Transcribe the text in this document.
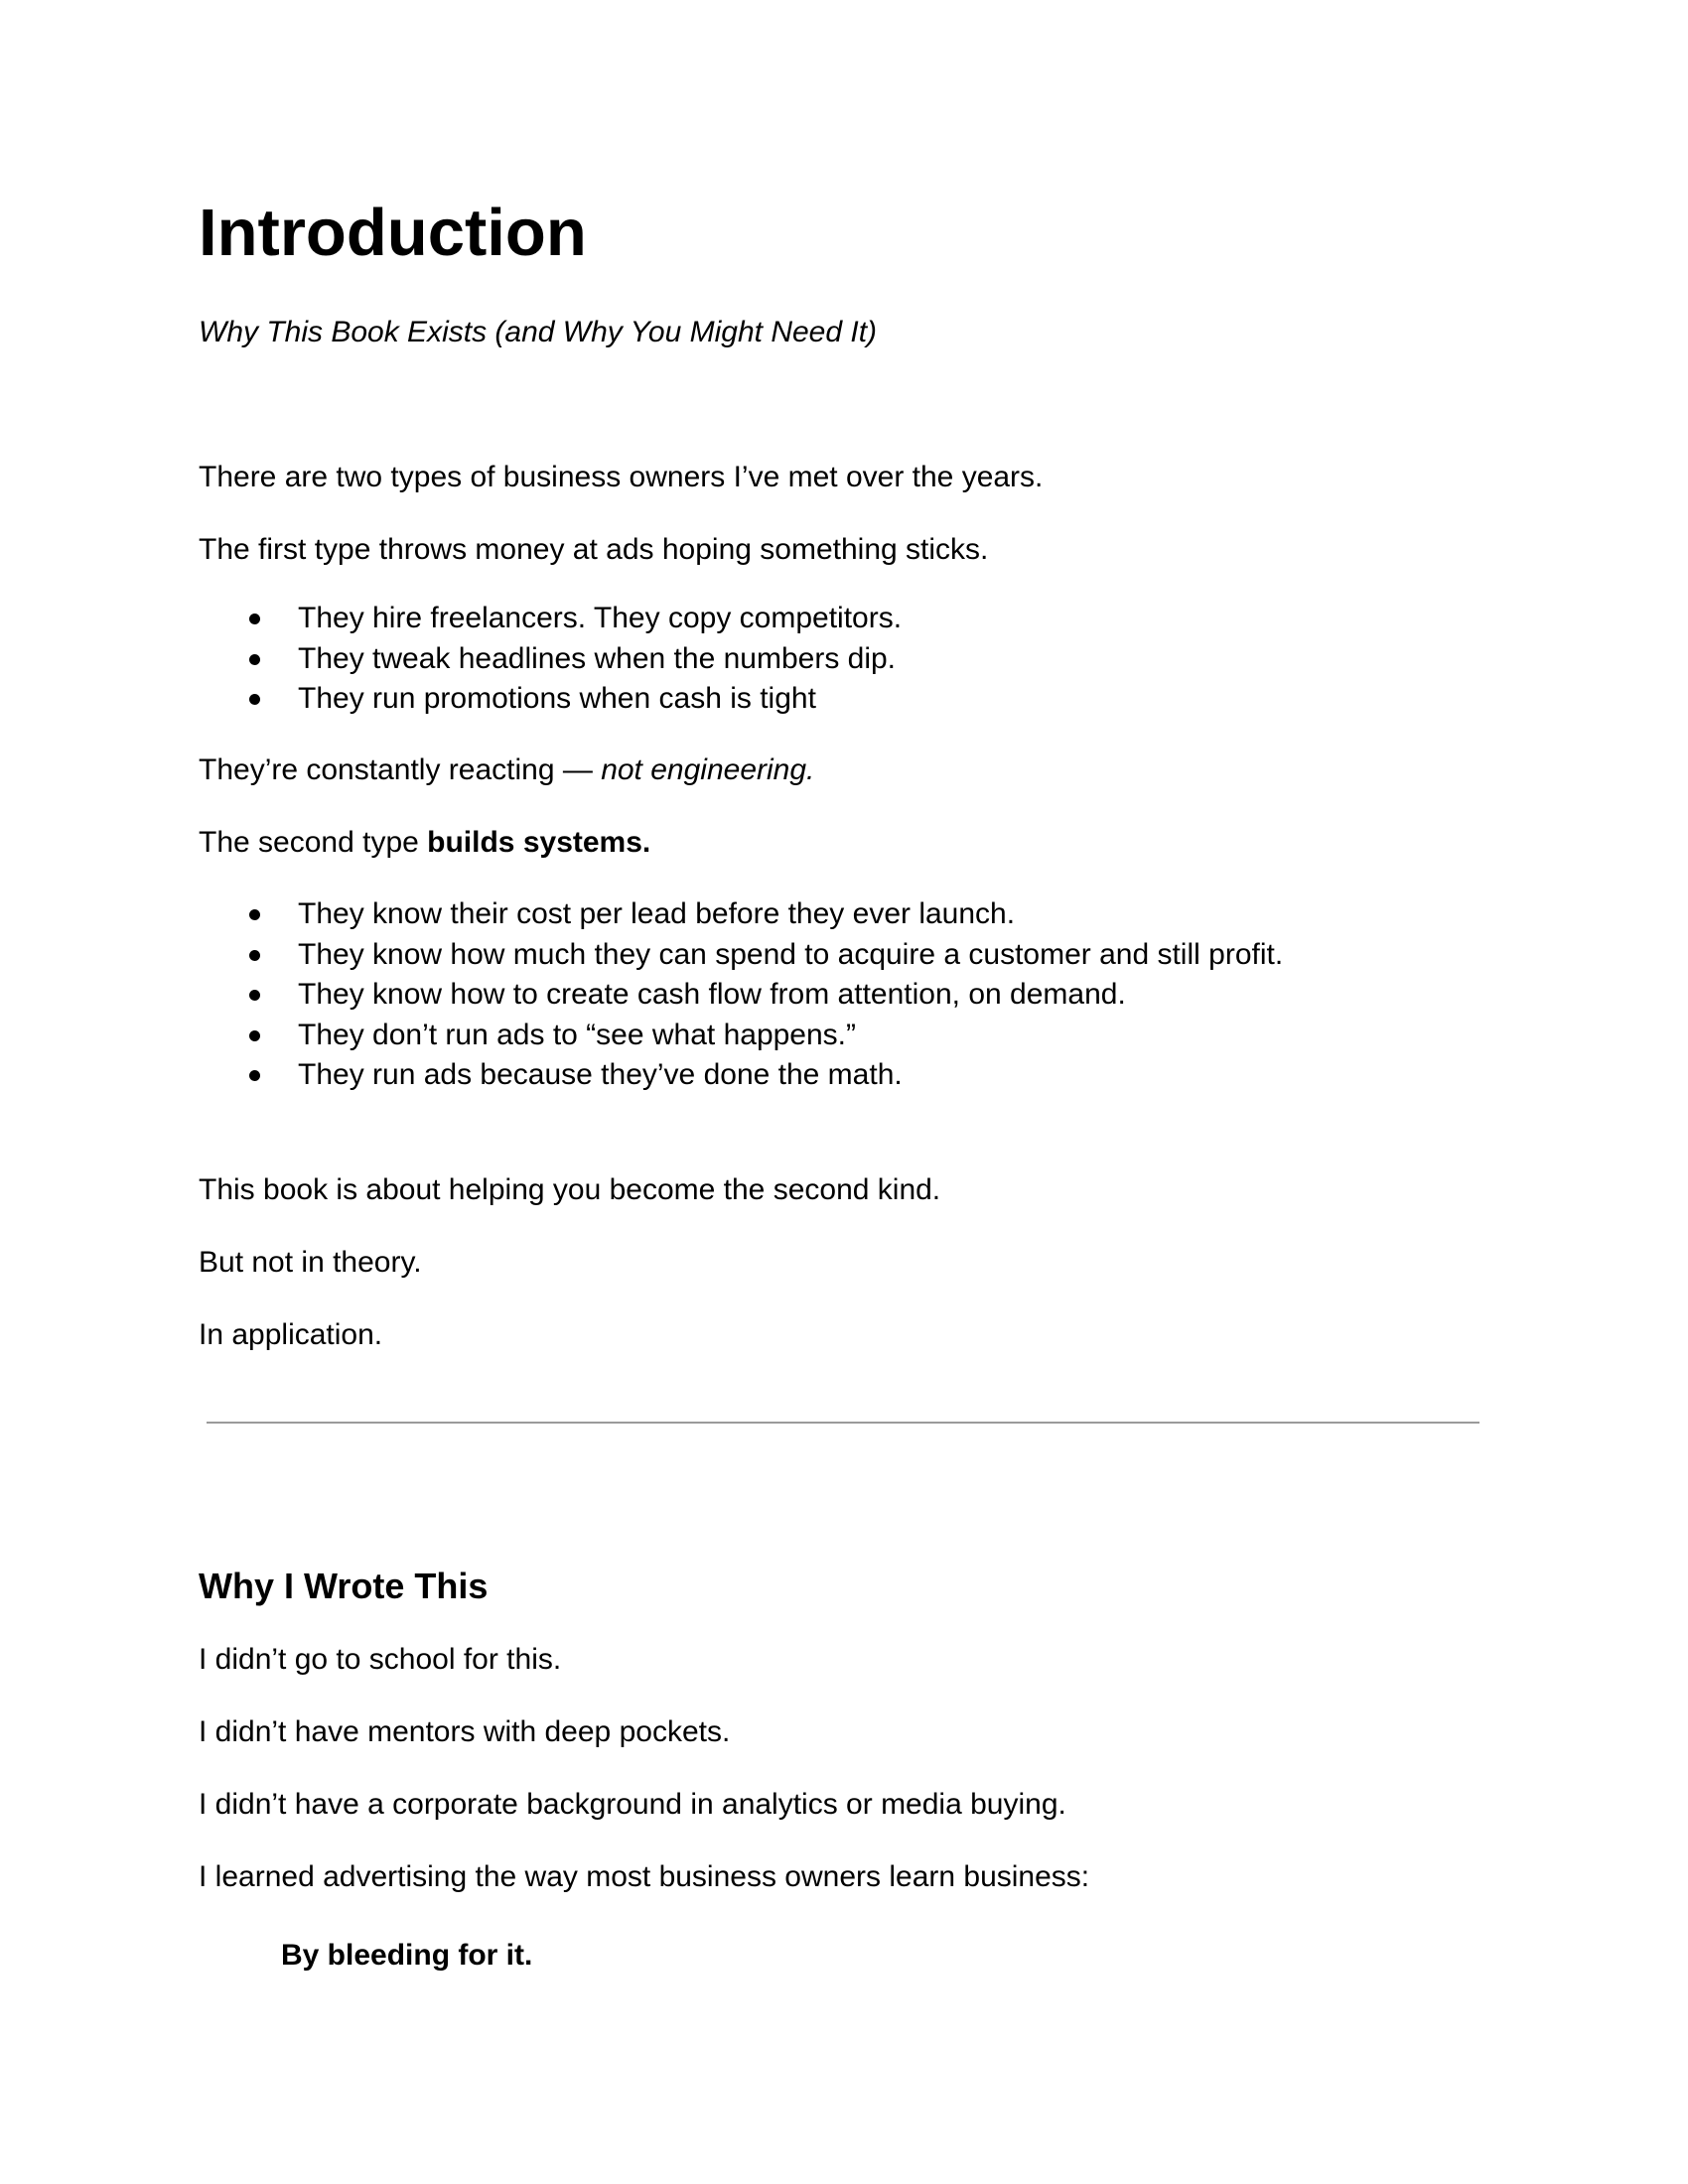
Introduction

Why This Book Exists (and Why You Might Need It)

There are two types of business owners I’ve met over the years.

The first type throws money at ads hoping something sticks.

They hire freelancers. They copy competitors.
They tweak headlines when the numbers dip.
They run promotions when cash is tight

They’re constantly reacting — not engineering.

The second type builds systems.

They know their cost per lead before they ever launch.
They know how much they can spend to acquire a customer and still profit.
They know how to create cash flow from attention, on demand.
They don’t run ads to “see what happens.”
They run ads because they’ve done the math.

This book is about helping you become the second kind.

But not in theory.

In application.

Why I Wrote This

I didn’t go to school for this.

I didn’t have mentors with deep pockets.

I didn’t have a corporate background in analytics or media buying.

I learned advertising the way most business owners learn business:

By bleeding for it.
